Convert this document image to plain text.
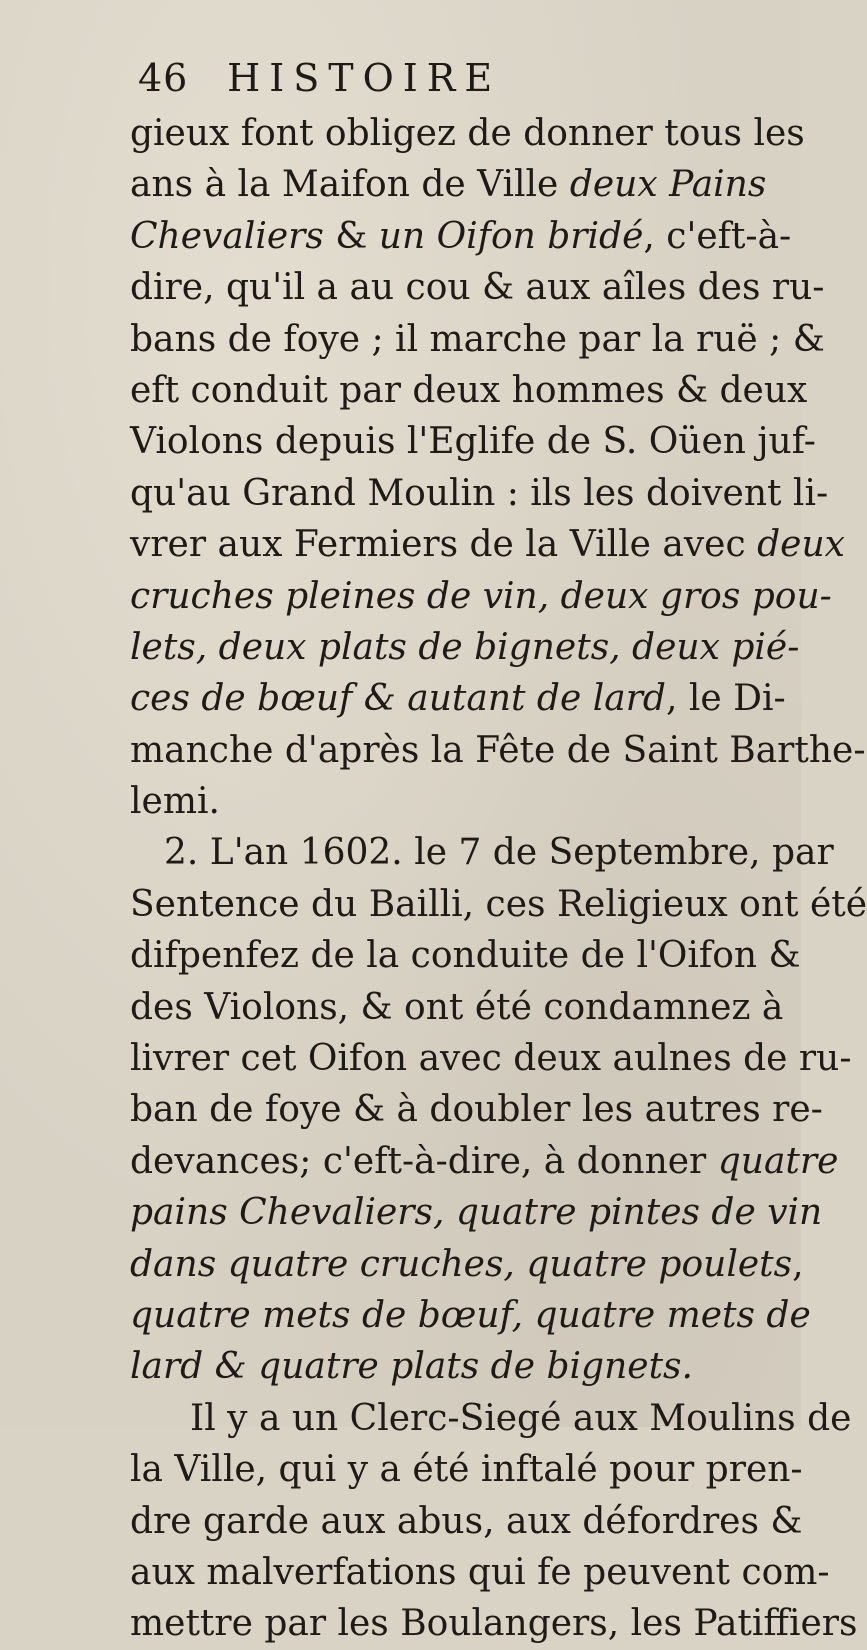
46 HISTOIRE
gieux font obligez de donner tous les
ans à la Maifon de Ville deux Pains
Chevaliers & un Oifon bridé, c'eft-à-
dire, qu'il a au cou & aux aîles des ru-
bans de foye ; il marche par la ruë ; &
eft conduit par deux hommes & deux
Violons depuis l'Eglife de S. Oüen juf-
qu'au Grand Moulin : ils les doivent li-
vrer aux Fermiers de la Ville avec deux
cruches pleines de vin, deux gros pou-
lets, deux plats de bignets, deux pié-
ces de bœuf & autant de lard, le Di-
manche d'après la Fête de Saint Barthe-
lemi.
2. L'an 1602. le 7 de Septembre, par
Sentence du Bailli, ces Religieux ont été
difpenfez de la conduite de l'Oifon &
des Violons, & ont été condamnez à
livrer cet Oifon avec deux aulnes de ru-
ban de foye & à doubler les autres re-
devances; c'eft-à-dire, à donner quatre
pains Chevaliers, quatre pintes de vin
dans quatre cruches, quatre poulets,
quatre mets de bœuf, quatre mets de
lard & quatre plats de bignets.
Il y a un Clerc-Siegé aux Moulins de
la Ville, qui y a été inftalé pour pren-
dre garde aux abus, aux défordres &
aux malverfations qui fe peuvent com-
mettre par les Boulangers, les Patiffiers
